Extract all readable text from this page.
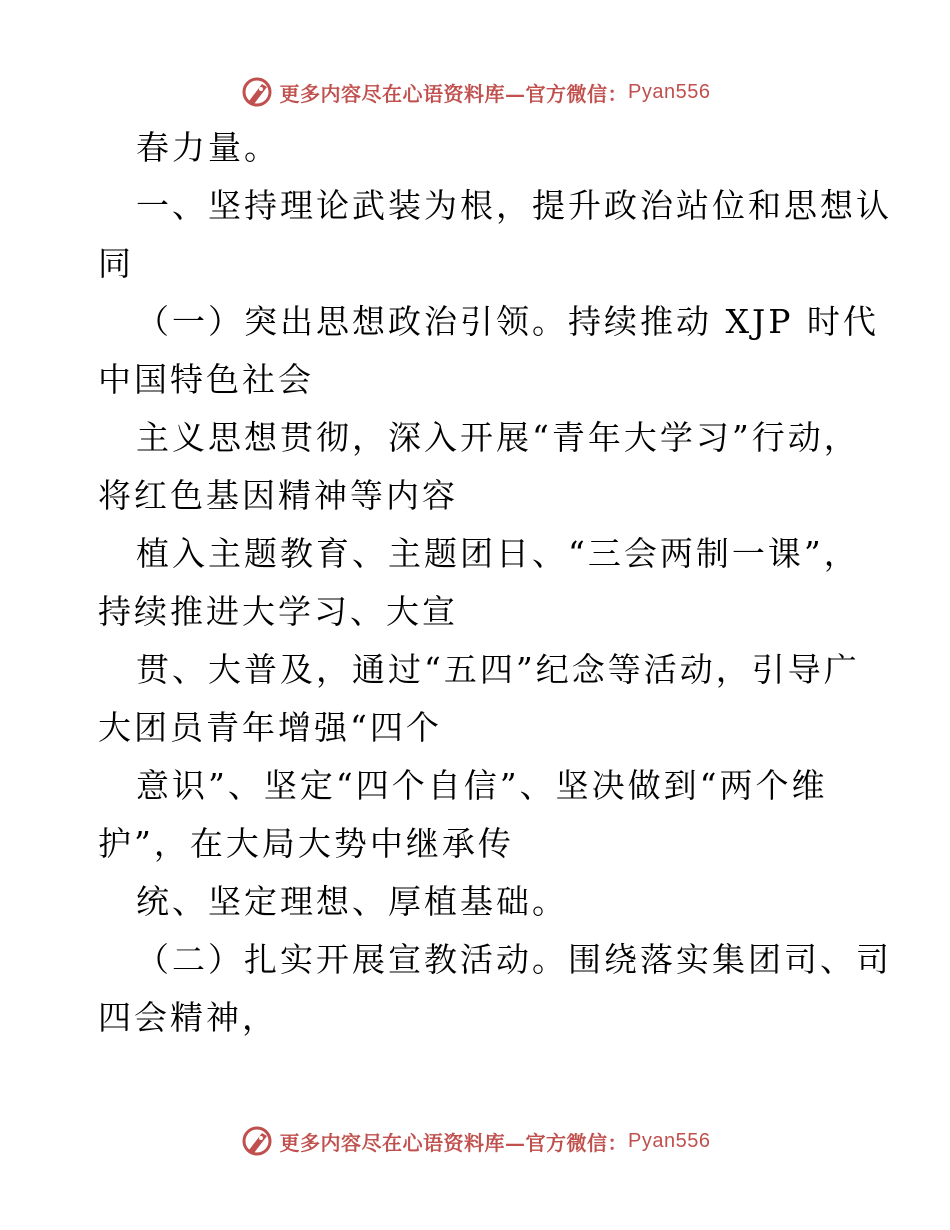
更多内容尽在心语资料库—官方微信： Pyan556
春力量。
一、坚持理论武装为根，提升政治站位和思想认
同
（一）突出思想政治引领。持续推动 XJP 时代
中国特色社会
主义思想贯彻，深入开展“青年大学习”行动，
将红色基因精神等内容
植入主题教育、主题团日、“三会两制一课”，
持续推进大学习、大宣
贯、大普及，通过“五四”纪念等活动，引导广
大团员青年增强“四个
意识”、坚定“四个自信”、坚决做到“两个维
护”，在大局大势中继承传
统、坚定理想、厚植基础。
（二）扎实开展宣教活动。围绕落实集团司、司
四会精神，
更多内容尽在心语资料库—官方微信： Pyan556
